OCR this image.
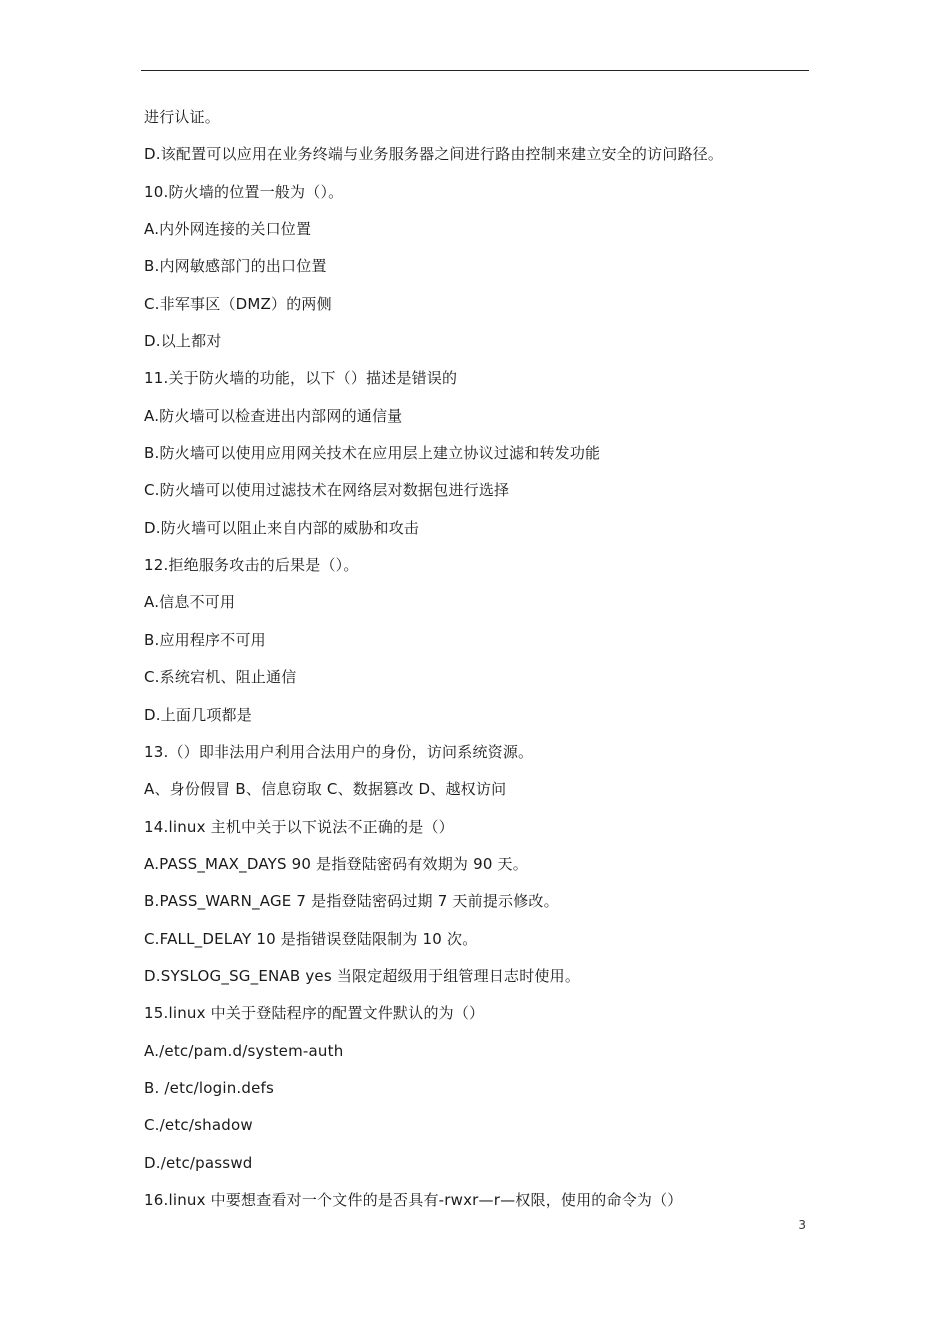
进行认证。
D.该配置可以应用在业务终端与业务服务器之间进行路由控制来建立安全的访问路径。
10.防火墙的位置一般为（）。
A.内外网连接的关口位置
B.内网敏感部门的出口位置
C.非军事区（DMZ）的两侧
D.以上都对
11.关于防火墙的功能，以下（）描述是错误的
A.防火墙可以检查进出内部网的通信量
B.防火墙可以使用应用网关技术在应用层上建立协议过滤和转发功能
C.防火墙可以使用过滤技术在网络层对数据包进行选择
D.防火墙可以阻止来自内部的威胁和攻击
12.拒绝服务攻击的后果是（）。
A.信息不可用
B.应用程序不可用
C.系统宕机、阻止通信
D.上面几项都是
13.（）即非法用户利用合法用户的身份，访问系统资源。
A、身份假冒 B、信息窃取 C、数据篡改 D、越权访问
14.linux 主机中关于以下说法不正确的是（）
A.PASS_MAX_DAYS 90 是指登陆密码有效期为 90 天。
B.PASS_WARN_AGE 7 是指登陆密码过期 7 天前提示修改。
C.FALL_DELAY 10 是指错误登陆限制为 10 次。
D.SYSLOG_SG_ENAB yes 当限定超级用于组管理日志时使用。
15.linux 中关于登陆程序的配置文件默认的为（）
A./etc/pam.d/system-auth
B. /etc/login.defs
C./etc/shadow
D./etc/passwd
16.linux 中要想查看对一个文件的是否具有-rwxr—r—权限，使用的命令为（）
3
